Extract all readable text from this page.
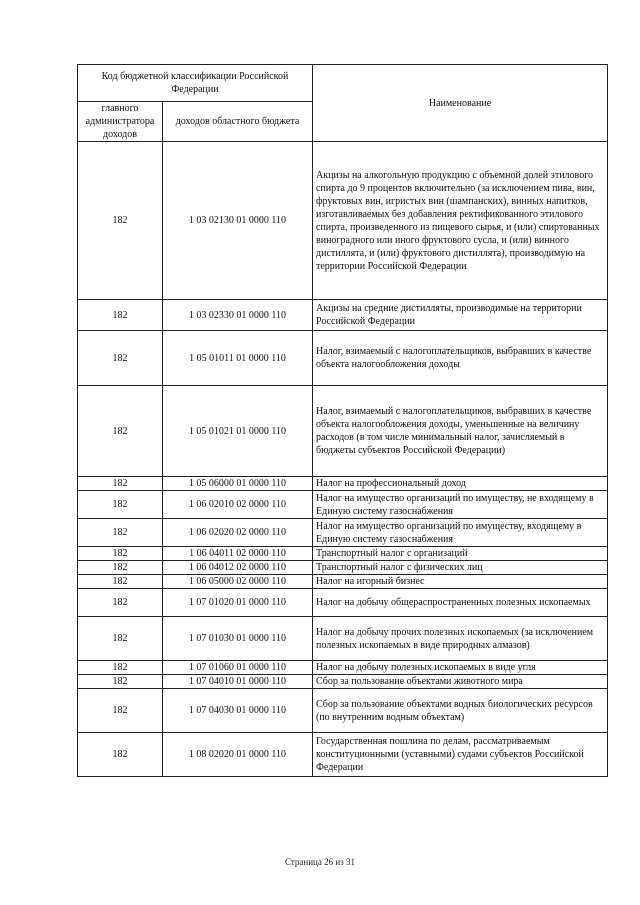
Код бюджетной классификации Российской Федерации		Наименование
главного администратора доходов	доходов областного бюджета	
182	1 03 02130 01 0000 110	Акцизы на алкогольную продукцию с объемной долей этилового спирта до 9 процентов включительно (за исключением пива, вин, фруктовых вин, игристых вин (шампанских), винных напитков, изготавливаемых без добавления ректификованного этилового спирта, произведенного из пищевого сырья, и (или) спиртованных виноградного или иного фруктового сусла, и (или) винного дистиллята, и (или) фруктового дистиллята), производимую на территории Российской Федерации
182	1 03 02330 01 0000 110	Акцизы на средние дистилляты, производимые на территории Российской Федерации
182	1 05 01011 01 0000 110	Налог, взимаемый с налогоплательщиков, выбравших в качестве объекта налогообложения доходы
182	1 05 01021 01 0000 110	Налог, взимаемый с налогоплательщиков, выбравших в качестве объекта налогообложения доходы, уменьшенные на величину расходов (в том числе минимальный налог, зачисляемый в бюджеты субъектов Российской Федерации)
182	1 05 06000 01 0000 110	Налог на профессиональный доход
182	1 06 02010 02 0000 110	Налог на имущество организаций по имуществу, не входящему в Единую систему газоснабжения
182	1 06 02020 02 0000 110	Налог на имущество организаций по имуществу, входящему в Единую систему газоснабжения
182	1 06 04011 02 0000 110	Транспортный налог с организаций
182	1 06 04012 02 0000 110	Транспортный налог с физических лиц
182	1 06 05000 02 0000 110	Налог на игорный бизнес
182	1 07 01020 01 0000 110	Налог на добычу общераспространенных полезных ископаемых
182	1 07 01030 01 0000 110	Налог на добычу прочих полезных ископаемых (за исключением полезных ископаемых в виде природных алмазов)
182	1 07 01060 01 0000 110	Налог на добычу полезных ископаемых в виде угля
182	1 07 04010 01 0000 110	Сбор за пользование объектами животного мира
182	1 07 04030 01 0000 110	Сбор за пользование объектами водных биологических ресурсов (по внутренним водным объектам)
182	1 08 02020 01 0000 110	Государственная пошлина по делам, рассматриваемым конституционными (уставными) судами субъектов Российской Федерации
Страница 26 из 31
